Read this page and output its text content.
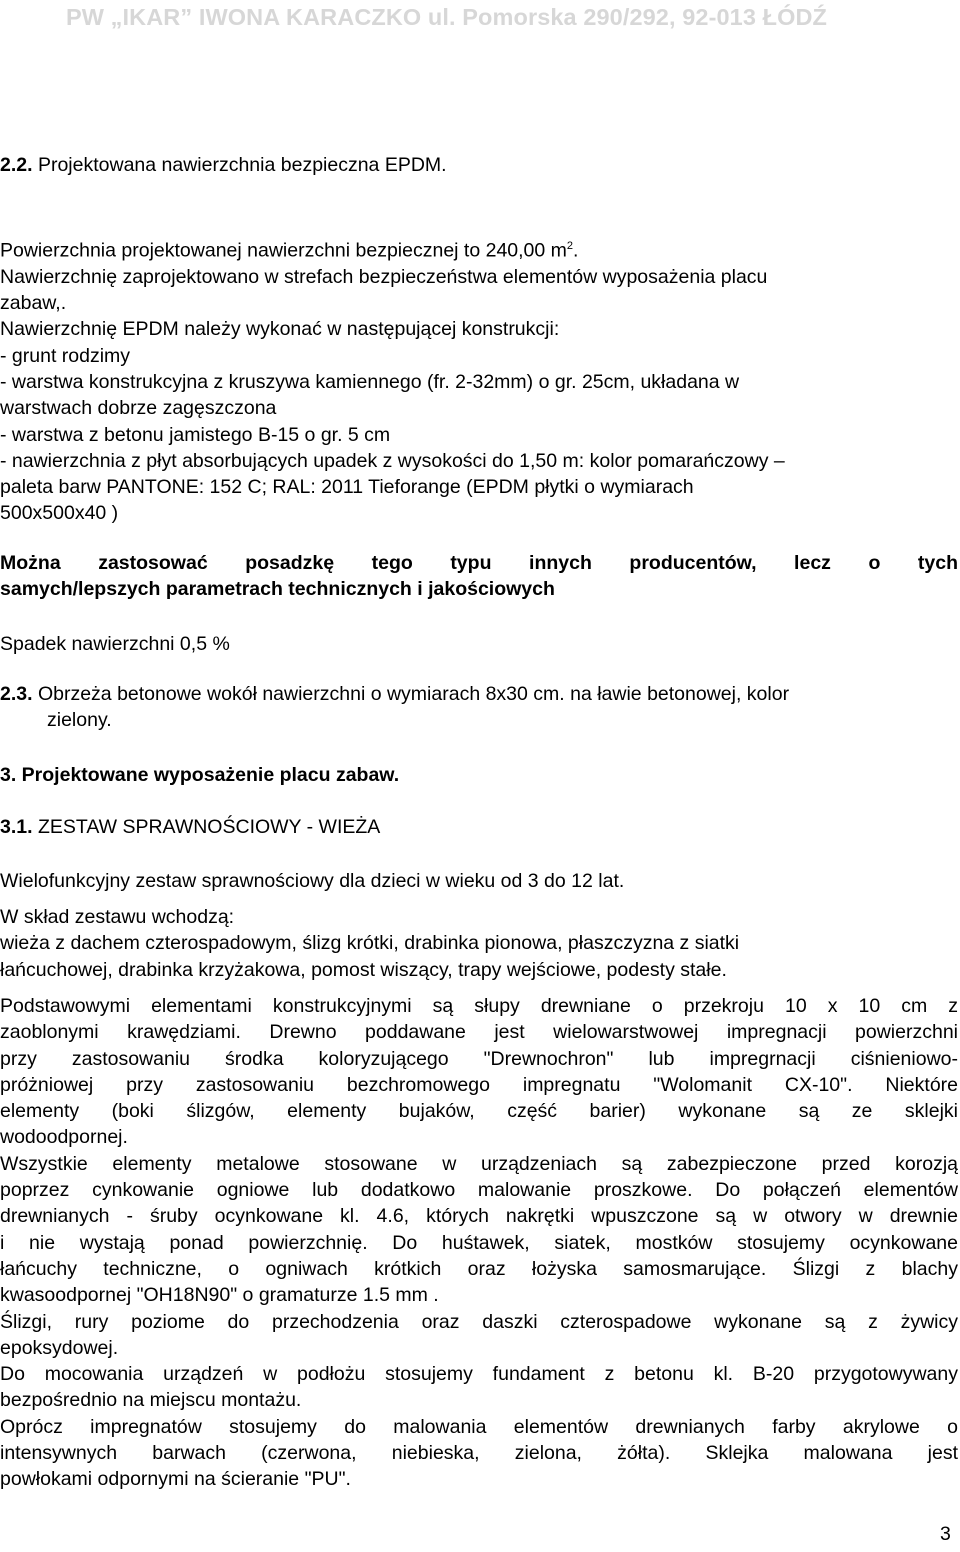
PW „IKAR” IWONA KARACZKO ul. Pomorska 290/292, 92-013 ŁÓDŹ
2.2. Projektowana nawierzchnia bezpieczna EPDM.
Powierzchnia projektowanej nawierzchni bezpiecznej to 240,00 $m^2$.
Nawierzchnię zaprojektowano w strefach bezpieczeństwa elementów wyposażenia placu
zabaw,.
Nawierzchnię EPDM należy wykonać w następującej konstrukcji:
- grunt rodzimy
- warstwa konstrukcyjna z kruszywa kamiennego (fr. 2-32mm) o gr. 25cm, układana w
warstwach dobrze zagęszczona
- warstwa z betonu jamistego B-15 o gr. 5 cm
- nawierzchnia z płyt absorbujących upadek z wysokości do 1,50 m: kolor pomarańczowy –
paleta barw PANTONE: 152 C; RAL: 2011 Tieforange (EPDM płytki o wymiarach
500x500x40 )
Można zastosować posadzkę tego typu innych producentów, lecz o tych
samych/lepszych parametrach technicznych i jakościowych
Spadek nawierzchni 0,5 %
2.3. Obrzeża betonowe wokół nawierzchni o wymiarach 8x30 cm. na ławie betonowej, kolor
zielony.
3. Projektowane wyposażenie placu zabaw.
3.1. ZESTAW SPRAWNOŚCIOWY - WIEŻA
Wielofunkcyjny zestaw sprawnościowy dla dzieci w wieku od 3 do 12 lat.
W skład zestawu wchodzą:
wieża z dachem czterospadowym, ślizg krótki, drabinka pionowa, płaszczyzna z siatki
łańcuchowej, drabinka krzyżakowa, pomost wiszący, trapy wejściowe, podesty stałe.
Podstawowymi elementami konstrukcyjnymi są słupy drewniane o przekroju 10 x 10 cm z
zaoblonymi krawędziami. Drewno poddawane jest wielowarstwowej impregnacji powierzchni
przy zastosowaniu środka koloryzującego "Drewnochron" lub impregrnacji ciśnieniowo-
próżniowej przy zastosowaniu bezchromowego impregnatu "Wolomanit CX-10". Niektóre
elementy (boki ślizgów, elementy bujaków, część barier) wykonane są ze sklejki
wodoodpornej.
Wszystkie elementy metalowe stosowane w urządzeniach są zabezpieczone przed korozją
poprzez cynkowanie ogniowe lub dodatkowo malowanie proszkowe. Do połączeń elementów
drewnianych - śruby ocynkowane kl. 4.6, których nakrętki wpuszczone są w otwory w drewnie
i nie wystają ponad powierzchnię. Do huśtawek, siatek, mostków stosujemy ocynkowane
łańcuchy techniczne, o ogniwach krótkich oraz łożyska samosmarujące. Ślizgi z blachy
kwasoodpornej "OH18N90" o gramaturze 1.5 mm .
Ślizgi, rury poziome do przechodzenia oraz daszki czterospadowe wykonane są z żywicy
epoksydowej.
Do mocowania urządzeń w podłożu stosujemy fundament z betonu kl. B-20 przygotowywany
bezpośrednio na miejscu montażu.
Oprócz impregnatów stosujemy do malowania elementów drewnianych farby akrylowe o
intensywnych barwach (czerwona, niebieska, zielona, żółta). Sklejka malowana jest
powłokami odpornymi na ścieranie "PU".
3
